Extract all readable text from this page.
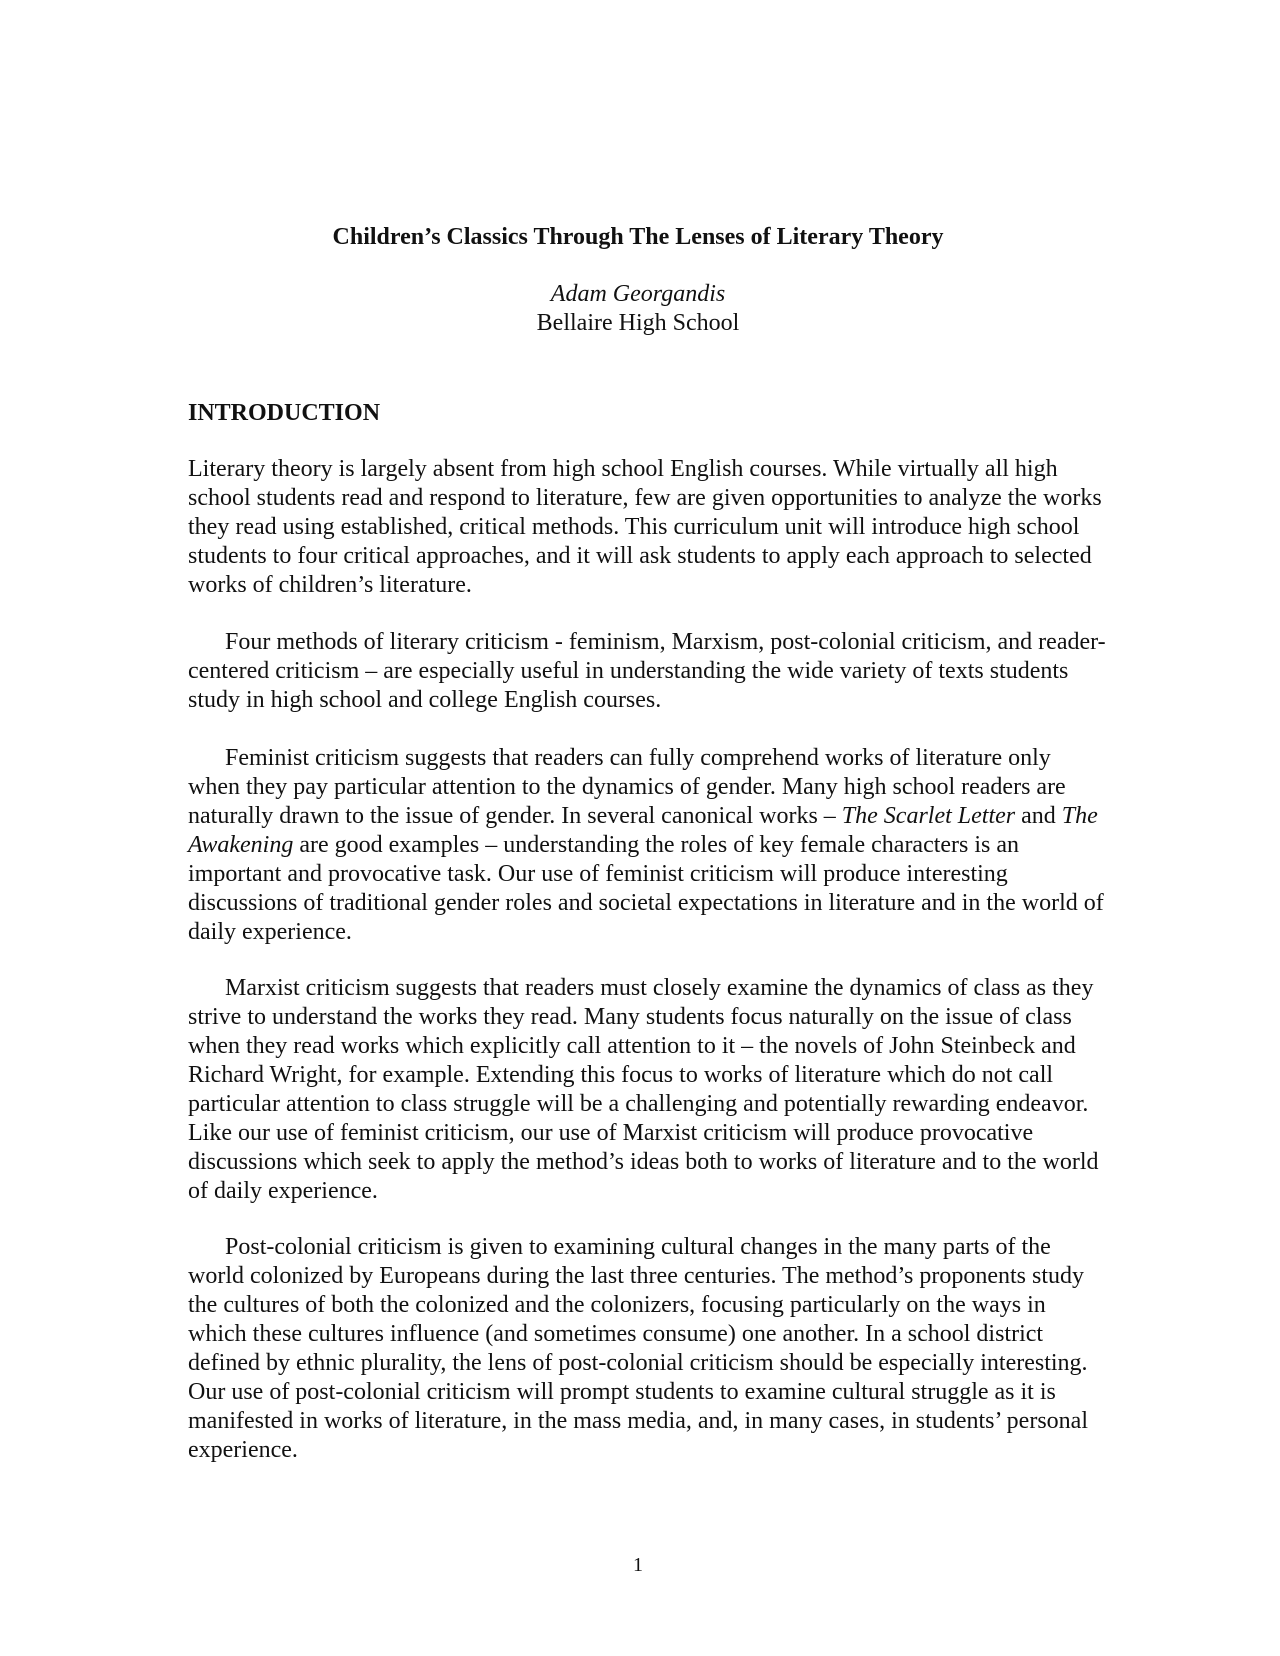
Children’s Classics Through The Lenses of Literary Theory
Adam Georgandis
Bellaire High School
INTRODUCTION

Literary theory is largely absent from high school English courses. While virtually all high school students read and respond to literature, few are given opportunities to analyze the works they read using established, critical methods. This curriculum unit will introduce high school students to four critical approaches, and it will ask students to apply each approach to selected works of children’s literature.

Four methods of literary criticism - feminism, Marxism, post-colonial criticism, and reader-centered criticism – are especially useful in understanding the wide variety of texts students study in high school and college English courses.

Feminist criticism suggests that readers can fully comprehend works of literature only when they pay particular attention to the dynamics of gender. Many high school readers are naturally drawn to the issue of gender. In several canonical works – The Scarlet Letter and The Awakening are good examples – understanding the roles of key female characters is an important and provocative task. Our use of feminist criticism will produce interesting discussions of traditional gender roles and societal expectations in literature and in the world of daily experience.

Marxist criticism suggests that readers must closely examine the dynamics of class as they strive to understand the works they read. Many students focus naturally on the issue of class when they read works which explicitly call attention to it – the novels of John Steinbeck and Richard Wright, for example. Extending this focus to works of literature which do not call particular attention to class struggle will be a challenging and potentially rewarding endeavor. Like our use of feminist criticism, our use of Marxist criticism will produce provocative discussions which seek to apply the method’s ideas both to works of literature and to the world of daily experience.

Post-colonial criticism is given to examining cultural changes in the many parts of the world colonized by Europeans during the last three centuries. The method’s proponents study the cultures of both the colonized and the colonizers, focusing particularly on the ways in which these cultures influence (and sometimes consume) one another. In a school district defined by ethnic plurality, the lens of post-colonial criticism should be especially interesting. Our use of post-colonial criticism will prompt students to examine cultural struggle as it is manifested in works of literature, in the mass media, and, in many cases, in students’ personal experience.

1
